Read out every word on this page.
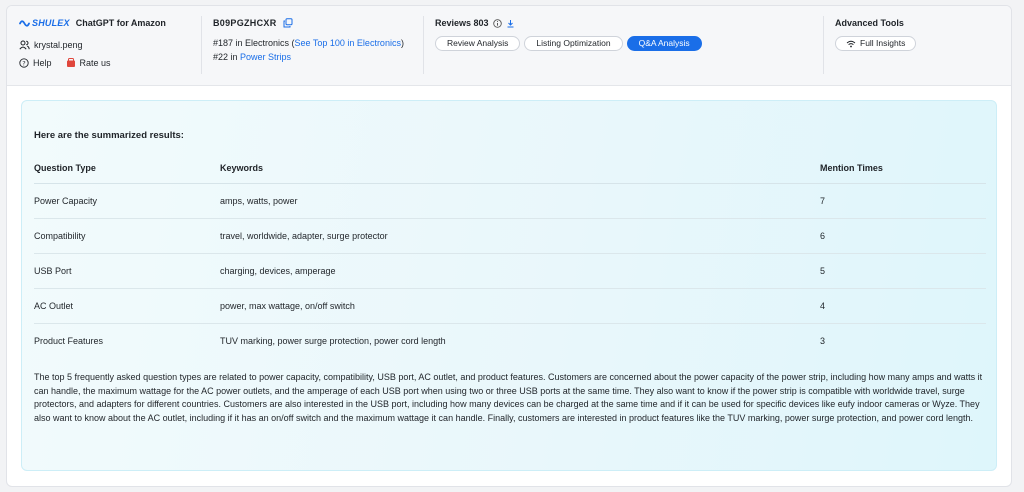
SHULEX ChatGPT for Amazon
krystal.peng
? Help	Rate us
B09PGZHCXR
#187 in Electronics (See Top 100 in Electronics)
#22 in Power Strips
Reviews 803
Review Analysis	Listing Optimization	Q&A Analysis
Advanced Tools
Full Insights
Here are the summarized results:
Question Type	Keywords	Mention Times
Power Capacity	amps, watts, power	7
Compatibility	travel, worldwide, adapter, surge protector	6
USB Port	charging, devices, amperage	5
AC Outlet	power, max wattage, on/off switch	4
Product Features	TUV marking, power surge protection, power cord length	3
The top 5 frequently asked question types are related to power capacity, compatibility, USB port, AC outlet, and product features. Customers are concerned about the power capacity of the power strip, including how many amps and watts it can handle, the maximum wattage for the AC power outlets, and the amperage of each USB port when using two or three USB ports at the same time. They also want to know if the power strip is compatible with worldwide travel, surge protectors, and adapters for different countries. Customers are also interested in the USB port, including how many devices can be charged at the same time and if it can be used for specific devices like eufy indoor cameras or Wyze. They also want to know about the AC outlet, including if it has an on/off switch and the maximum wattage it can handle. Finally, customers are interested in product features like the TUV marking, power surge protection, and power cord length.
